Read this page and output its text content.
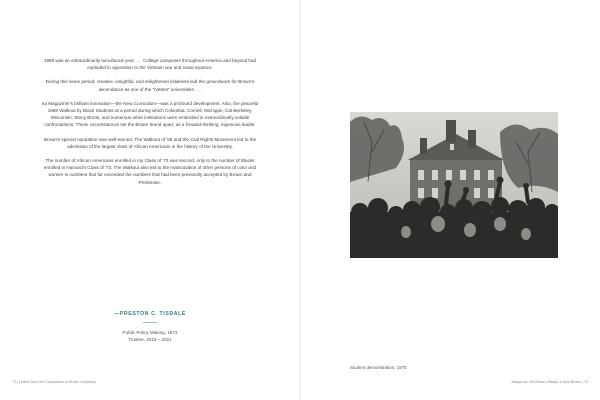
1968 was an extraordinarily tumultuous year . . . College campuses throughout America and beyond had exploded in opposition to the Vietnam war and racial injustice.

During this same period, creative, insightful, and enlightened initiatives laid the groundwork for Brown's ascendance as one of the "hottest" universities . . .

Ira Magaziner's brilliant innovation—the New Curriculum—was a profound development. Also, the peaceful 1968 Walkout by Black Students at a period during which Columbia, Cornell, Michigan, Cal-Berkeley, Wisconsin, Stony Brook, and numerous other institutions were embroiled in extraordinarily volatile confrontations. These circumstances set the Brown brand apart, as a forward-thinking, ingenious leader.

Brown's special reputation was well-earned. The Walkout of '68 and the Civil Rights Movement led to the admission of the largest class of African Americans in the history of the University.

The number of African Americans enrolled in my Class of '73 was second, only to the number of Blacks enrolled in Harvard's Class of '73. The Walkout also led to the matriculation of other persons of color and women in numbers that far exceeded the numbers that had been previously accepted by Brown and Pembroke.

—PRESTON C. TISDALE
Public Policy Making, 1973
Trustee, 2015 – 2021
72 | Letters from the Corporation of Brown University	Always an Old Brown, Always a New Brown | 73
Student demonstration, 1970
